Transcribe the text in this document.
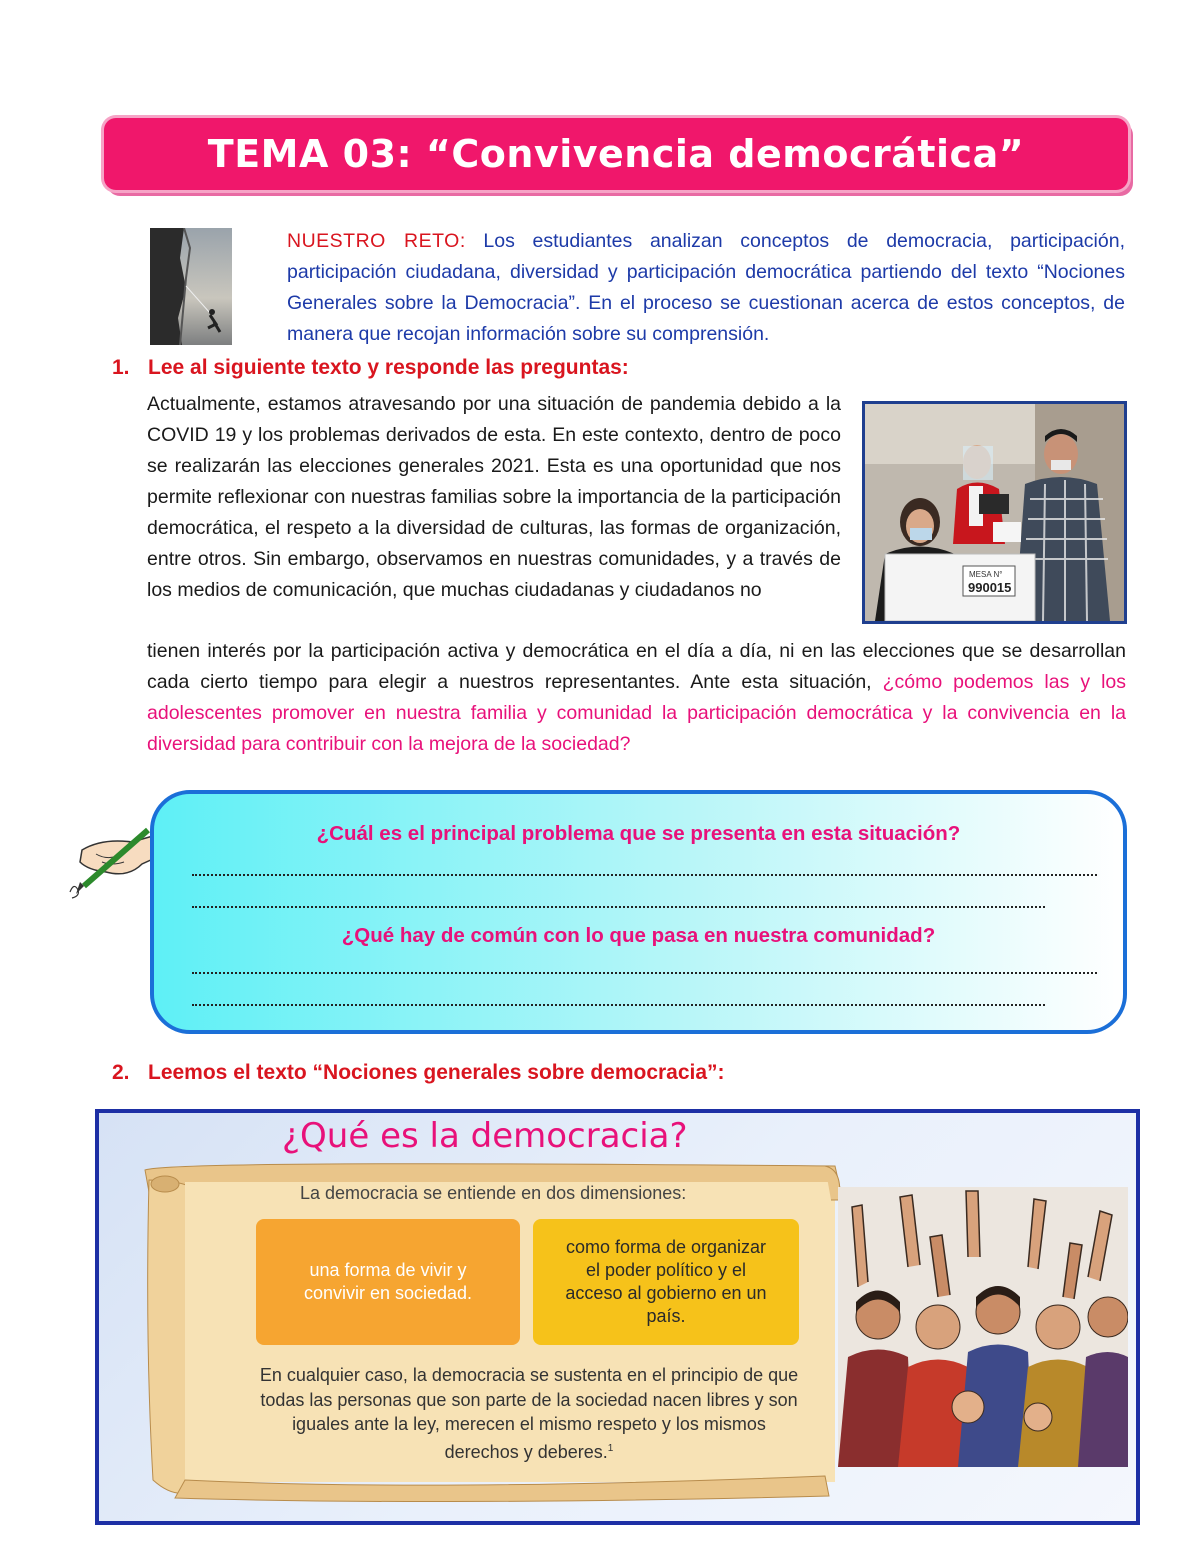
TEMA 03: “Convivencia democrática”
NUESTRO RETO: Los estudiantes analizan conceptos de democracia, participación, participación ciudadana, diversidad y participación democrática partiendo del texto “Nociones Generales sobre la Democracia”. En el proceso se cuestionan acerca de estos conceptos, de manera que recojan información sobre su comprensión.
1. Lee al siguiente texto y responde las preguntas:
Actualmente, estamos atravesando por una situación de pandemia debido a la COVID 19 y los problemas derivados de esta. En este contexto, dentro de poco se realizarán las elecciones generales 2021. Esta es una oportunidad que nos permite reflexionar con nuestras familias sobre la importancia de la participación democrática, el respeto a la diversidad de culturas, las formas de organización, entre otros. Sin embargo, observamos en nuestras comunidades, y a través de los medios de comunicación, que muchas ciudadanas y ciudadanos no
MESA N°
990015
tienen interés por la participación activa y democrática en el día a día, ni en las elecciones que se desarrollan cada cierto tiempo para elegir a nuestros representantes. Ante esta situación, ¿cómo podemos las y los adolescentes promover en nuestra familia y comunidad la participación democrática y la convivencia en la diversidad para contribuir con la mejora de la sociedad?
¿Cuál es el principal problema que se presenta en esta situación?
¿Qué hay de común con lo que pasa en nuestra comunidad?
2. Leemos el texto “Nociones generales sobre democracia”:
¿Qué es la democracia?
La democracia se entiende en dos dimensiones:
una forma de vivir y convivir en sociedad.
como forma de organizar el poder político y el acceso al gobierno en un país.
En cualquier caso, la democracia se sustenta en el principio de que todas las personas que son parte de la sociedad nacen libres y son iguales ante la ley, merecen el mismo respeto y los mismos derechos y deberes.$^1$
